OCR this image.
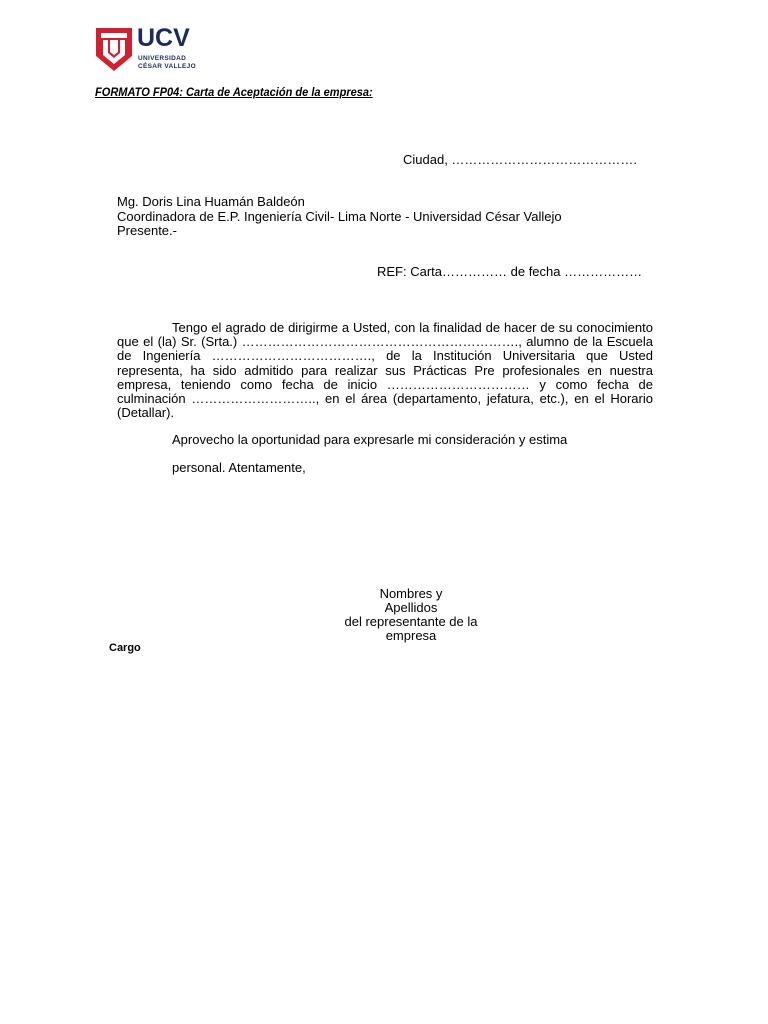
UCV
UNIVERSIDAD
CÉSAR VALLEJO
FORMATO FP04: Carta de Aceptación de la empresa:
Ciudad, …………………………………….
Mg. Doris Lina Huamán Baldeón
Coordinadora de E.P. Ingeniería Civil- Lima Norte - Universidad César Vallejo
Presente.-
REF: Carta…………… de fecha ………………
Tengo el agrado de dirigirme a Usted, con la finalidad de hacer de su conocimiento que el (la) Sr. (Srta.) ………………………………………………………., alumno de la Escuela de Ingeniería ………………………………., de la Institución Universitaria que Usted representa, ha sido admitido para realizar sus Prácticas Pre profesionales en nuestra empresa, teniendo como fecha de inicio …………………………… y como fecha de culminación ……………………….., en el área (departamento, jefatura, etc.), en el Horario (Detallar).
Aprovecho la oportunidad para expresarle mi consideración y estima
personal. Atentamente,
Nombres y
Apellidos
del representante de la
empresa
Cargo
